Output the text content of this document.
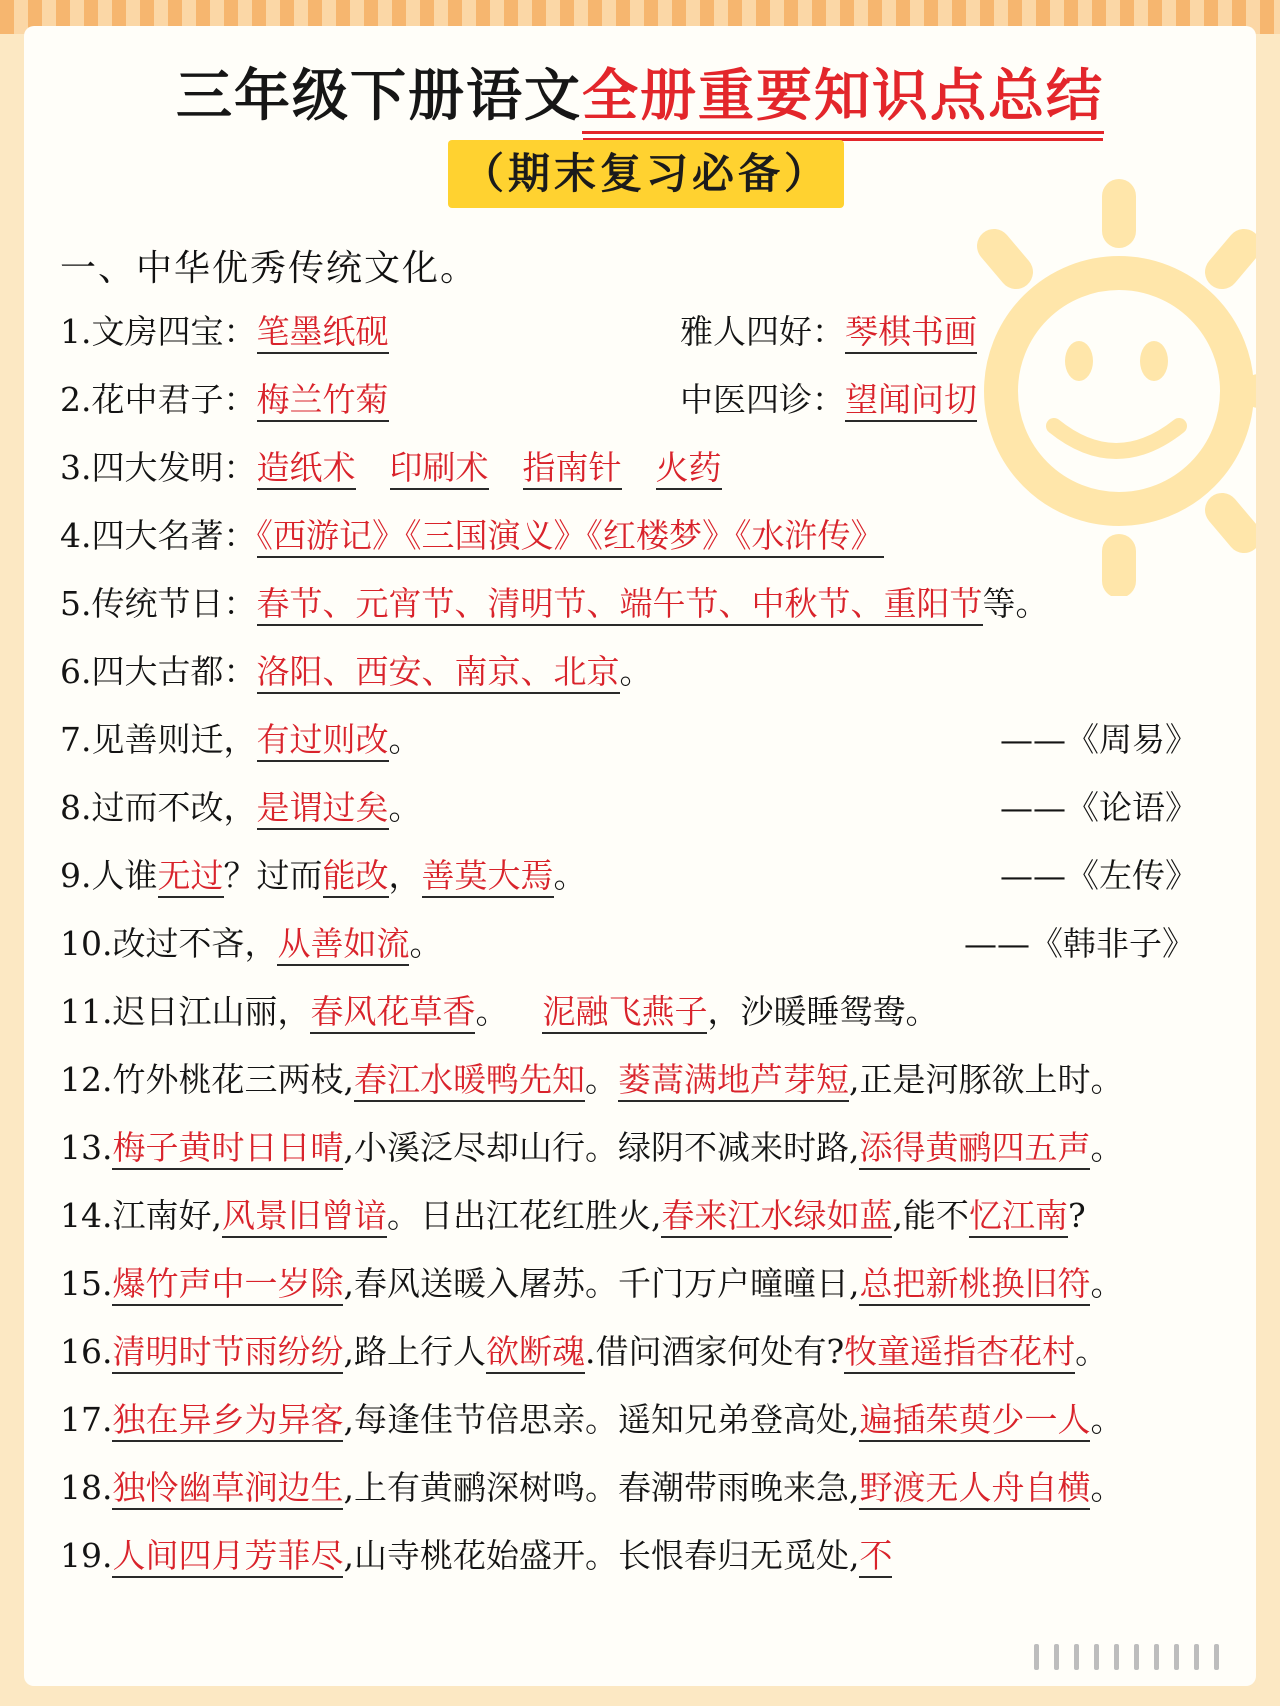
三年级下册语文全册重要知识点总结
（期末复习必备）
一、中华优秀传统文化。
1.文房四宝：笔墨纸砚	雅人四好：琴棋书画
2.花中君子：梅兰竹菊	中医四诊：望闻问切
3.四大发明：造纸术 印刷术 指南针 火药
4.四大名著：《西游记》《三国演义》《红楼梦》《水浒传》
5.传统节日：春节、元宵节、清明节、端午节、中秋节、重阳节等。
6.四大古都：洛阳、西安、南京、北京。
7.见善则迁，有过则改。	——《周易》
8.过而不改，是谓过矣。	——《论语》
9.人谁无过？过而能改，善莫大焉。	——《左传》
10.改过不吝，从善如流。	——《韩非子》
11.迟日江山丽，春风花草香。 泥融飞燕子，沙暖睡鸳鸯。
12.竹外桃花三两枝,春江水暖鸭先知。蒌蒿满地芦芽短,正是河豚欲上时。
13.梅子黄时日日晴,小溪泛尽却山行。绿阴不减来时路,添得黄鹂四五声。
14.江南好,风景旧曾谙。日出江花红胜火,春来江水绿如蓝,能不忆江南?
15.爆竹声中一岁除,春风送暖入屠苏。千门万户曈曈日,总把新桃换旧符。
16.清明时节雨纷纷,路上行人欲断魂.借问酒家何处有?牧童遥指杏花村。
17.独在异乡为异客,每逢佳节倍思亲。遥知兄弟登高处,遍插茱萸少一人。
18.独怜幽草涧边生,上有黄鹂深树鸣。春潮带雨晚来急,野渡无人舟自横。
19.人间四月芳菲尽,山寺桃花始盛开。长恨春归无觅处,不
